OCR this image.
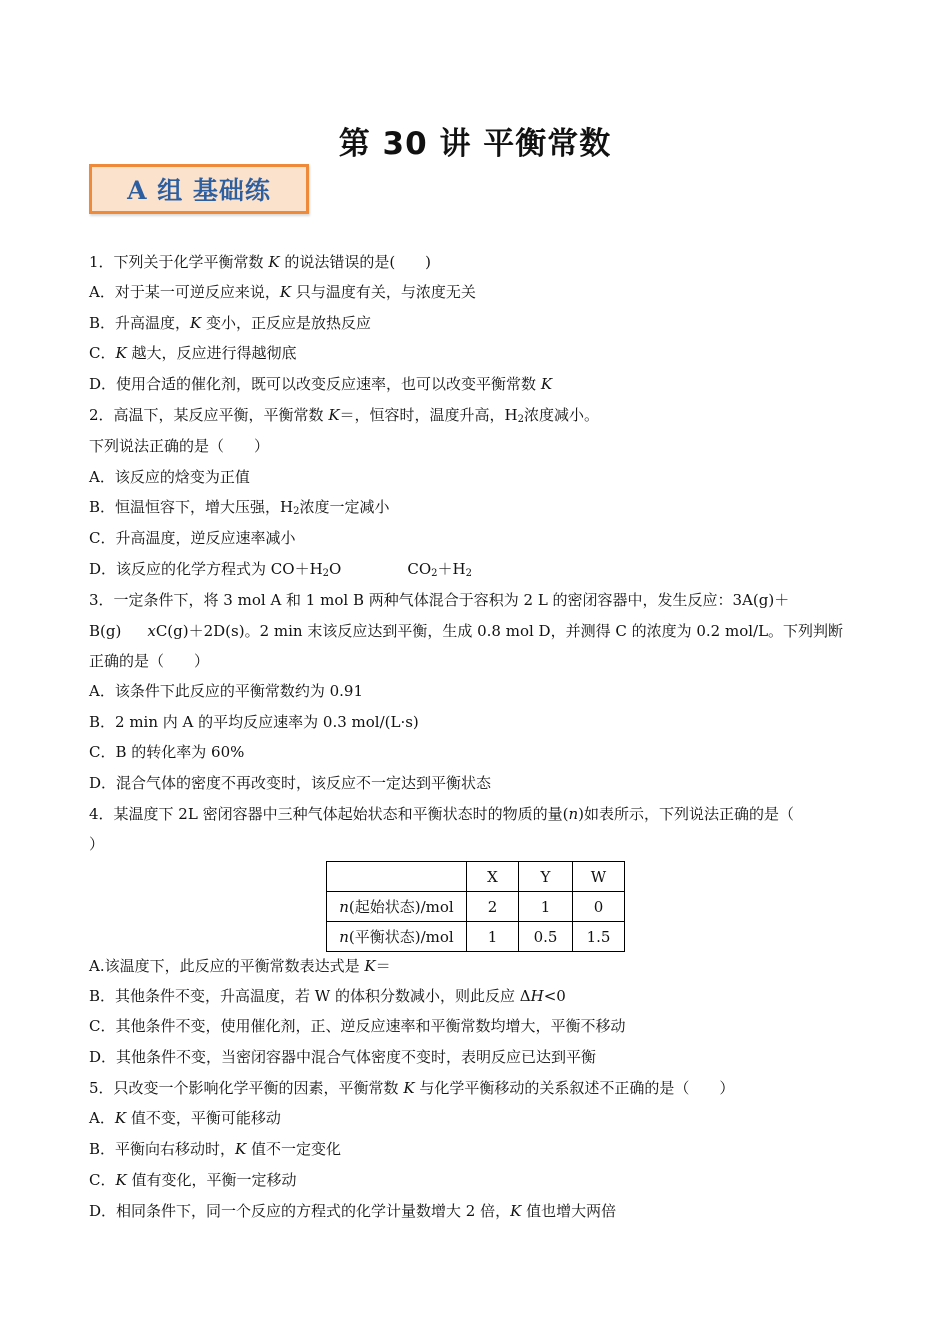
第 30 讲 平衡常数
A 组 基础练
1．下列关于化学平衡常数 K 的说法错误的是(　　)
A．对于某一可逆反应来说，K 只与温度有关，与浓度无关
B．升高温度，K 变小，正反应是放热反应
C．K 越大，反应进行得越彻底
D．使用合适的催化剂，既可以改变反应速率，也可以改变平衡常数 K
2．高温下，某反应平衡，平衡常数 K＝，恒容时，温度升高，$H_2$浓度减小。
下列说法正确的是（　　）
A．该反应的焓变为正值
B．恒温恒容下，增大压强，$H_2$浓度一定减小
C．升高温度，逆反应速率减小
D．该反应的化学方程式为 $CO+H_2O$	$CO_2+H_2$
3．一定条件下，将 3 mol A 和 1 mol B 两种气体混合于容积为 2 L 的密闭容器中，发生反应：3A(g)＋
B(g) xC(g)＋2D(s)。2 min 末该反应达到平衡，生成 0.8 mol D，并测得 C 的浓度为 0.2 mol/L。下列判断
正确的是（　　）
A．该条件下此反应的平衡常数约为 0.91
B．2 min 内 A 的平均反应速率为 0.3 mol/(L·s)
C．B 的转化率为 60%
D．混合气体的密度不再改变时，该反应不一定达到平衡状态
4．某温度下 2L 密闭容器中三种气体起始状态和平衡状态时的物质的量(n)如表所示，下列说法正确的是（
）
	X	Y	W
n(起始状态)/mol	2	1	0
n(平衡状态)/mol	1	0.5	1.5
A.该温度下，此反应的平衡常数表达式是 K＝
B．其他条件不变，升高温度，若 W 的体积分数减小，则此反应 ΔH<0
C．其他条件不变，使用催化剂，正、逆反应速率和平衡常数均增大，平衡不移动
D．其他条件不变，当密闭容器中混合气体密度不变时，表明反应已达到平衡
5．只改变一个影响化学平衡的因素，平衡常数 K 与化学平衡移动的关系叙述不正确的是（　　）
A．K 值不变，平衡可能移动
B．平衡向右移动时，K 值不一定变化
C．K 值有变化，平衡一定移动
D．相同条件下，同一个反应的方程式的化学计量数增大 2 倍，K 值也增大两倍
